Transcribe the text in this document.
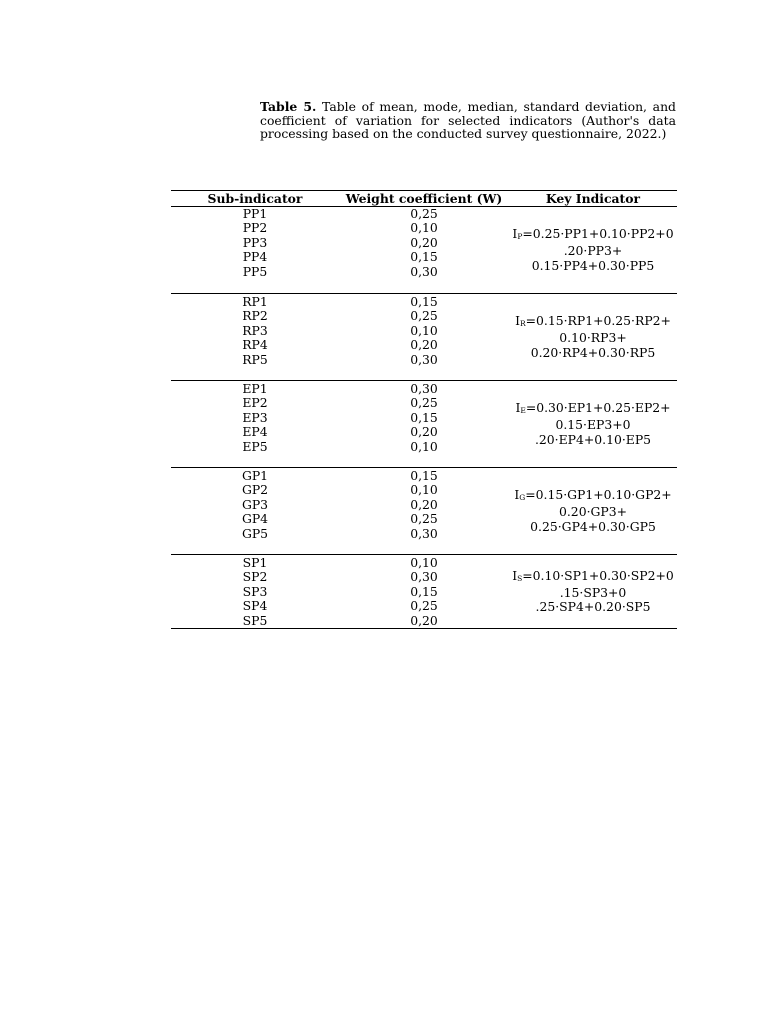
Table 5. Table of mean, mode, median, standard deviation, and coefficient of variation for selected indicators (Author's data processing based on the conducted survey questionnaire, 2022.)

Sub-indicator	Weight coefficient (W)	Key Indicator
PP1
PP2
PP3
PP4
PP5
0,25
0,10
0,20
0,15
0,30
$I_P=0.25\cdot PP1+0.10\cdot PP2+0$
.20·PP3+
0.15·PP4+0.30·PP5
RP1
RP2
RP3
RP4
RP5
0,15
0,25
0,10
0,20
0,30
$I_R=0.15\cdot RP1+0.25\cdot RP2+$
0.10·RP3+
0.20·RP4+0.30·RP5
EP1
EP2
EP3
EP4
EP5
0,30
0,25
0,15
0,20
0,10
$I_E=0.30\cdot EP1+0.25\cdot EP2+$
0.15·EP3+0
.20·EP4+0.10·EP5
GP1
GP2
GP3
GP4
GP5
0,15
0,10
0,20
0,25
0,30
$I_G=0.15\cdot GP1+0.10\cdot GP2+$
0.20·GP3+
0.25·GP4+0.30·GP5
SP1
SP2
SP3
SP4
SP5
0,10
0,30
0,15
0,25
0,20
$I_S=0.10\cdot SP1+0.30\cdot SP2+0$
.15·SP3+0
.25·SP4+0.20·SP5
